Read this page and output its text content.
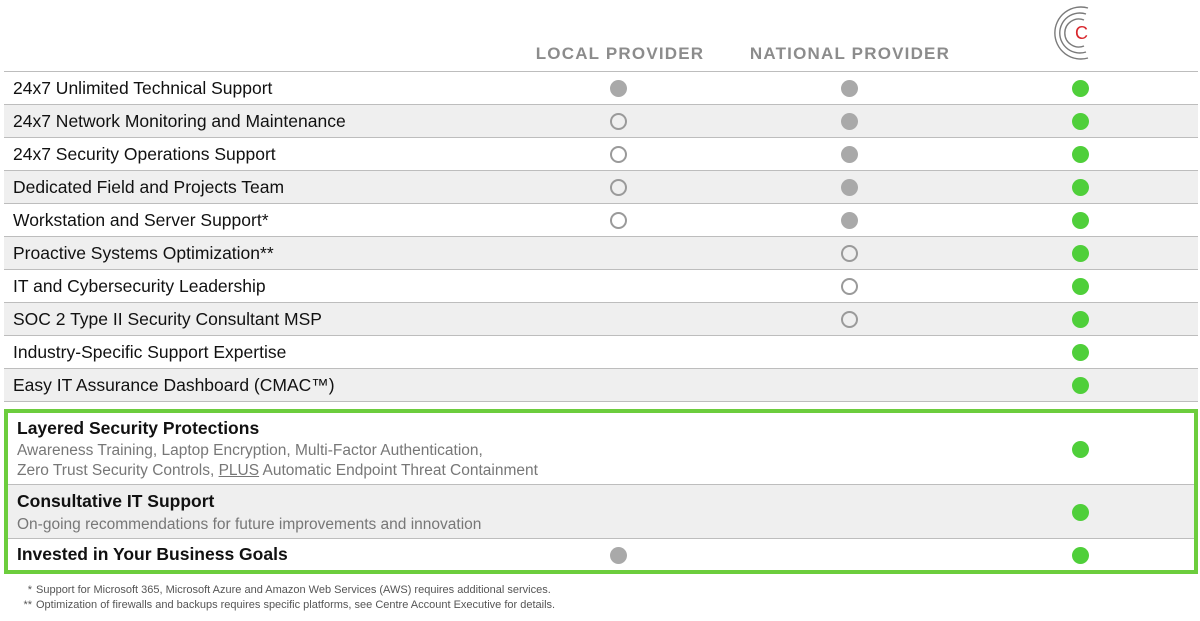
LOCAL PROVIDER	NATIONAL PROVIDER
C
24x7 Unlimited Technical Support
24x7 Network Monitoring and Maintenance
24x7 Security Operations Support
Dedicated Field and Projects Team
Workstation and Server Support*
Proactive Systems Optimization**
IT and Cybersecurity Leadership
SOC 2 Type II Security Consultant MSP
Industry-Specific Support Expertise
Easy IT Assurance Dashboard (CMAC™)
Layered Security Protections
Awareness Training, Laptop Encryption, Multi-Factor Authentication,
Zero Trust Security Controls, PLUS Automatic Endpoint Threat Containment
Consultative IT Support
On-going recommendations for future improvements and innovation
Invested in Your Business Goals
* Support for Microsoft 365, Microsoft Azure and Amazon Web Services (AWS) requires additional services.
** Optimization of firewalls and backups requires specific platforms, see Centre Account Executive for details.
